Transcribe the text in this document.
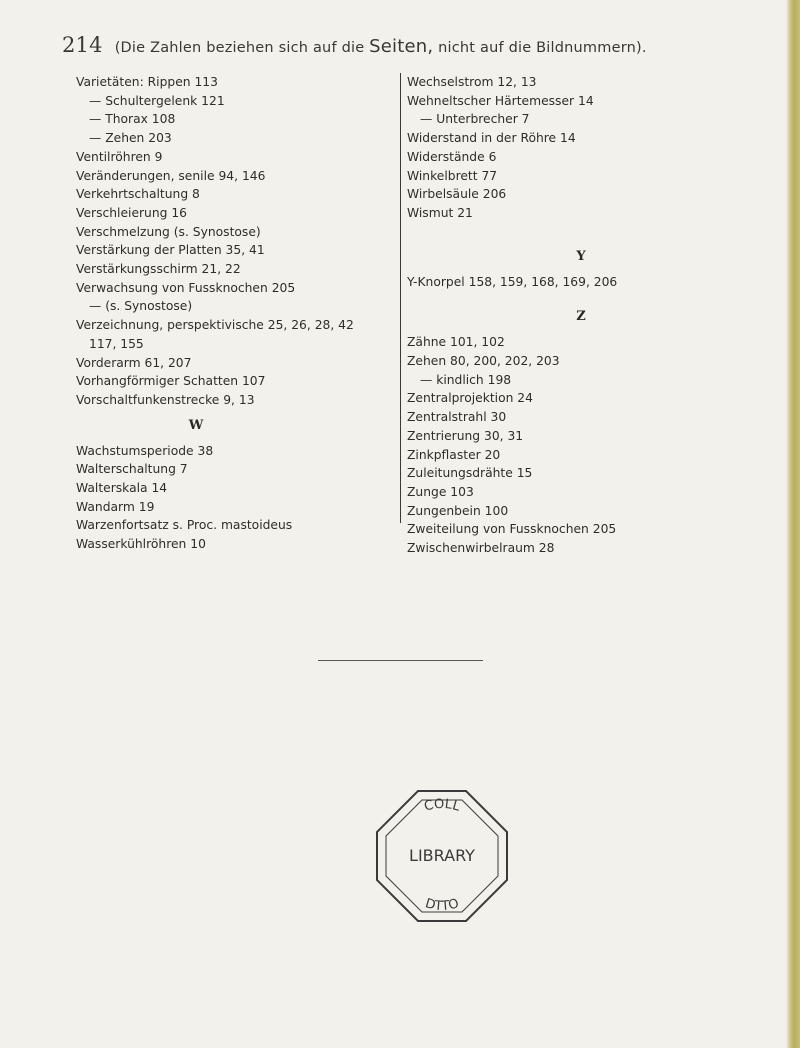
214 (Die Zahlen beziehen sich auf die Seiten, nicht auf die Bildnummern).
Varietäten: Rippen 113
— Schultergelenk 121
— Thorax 108
— Zehen 203
Ventilröhren 9
Veränderungen, senile 94, 146
Verkehrtschaltung 8
Verschleierung 16
Verschmelzung (s. Synostose)
Verstärkung der Platten 35, 41
Verstärkungsschirm 21, 22
Verwachsung von Fussknochen 205
— (s. Synostose)
Verzeichnung, perspektivische 25, 26, 28, 42
117, 155
Vorderarm 61, 207
Vorhangförmiger Schatten 107
Vorschaltfunkenstrecke 9, 13
W
Wachstumsperiode 38
Walterschaltung 7
Walterskala 14
Wandarm 19
Warzenfortsatz s. Proc. mastoideus
Wasserkühlröhren 10
Wechselstrom 12, 13
Wehneltscher Härtemesser 14
— Unterbrecher 7
Widerstand in der Röhre 14
Widerstände 6
Winkelbrett 77
Wirbelsäule 206
Wismut 21
Y
Y-Knorpel 158, 159, 168, 169, 206
Z
Zähne 101, 102
Zehen 80, 200, 202, 203
— kindlich 198
Zentralprojektion 24
Zentralstrahl 30
Zentrierung 30, 31
Zinkpflaster 20
Zuleitungsdrähte 15
Zunge 103
Zungenbein 100
Zweiteilung von Fussknochen 205
Zwischenwirbelraum 28
COLL
LIBRARY
DTTO
